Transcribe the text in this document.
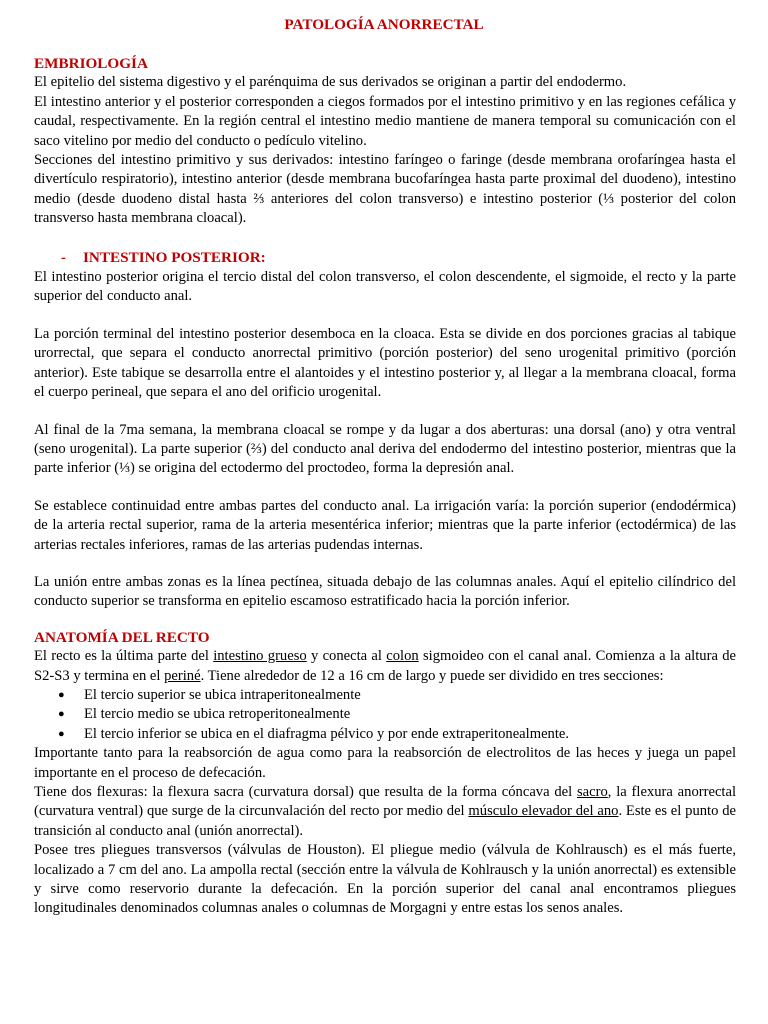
PATOLOGÍA ANORRECTAL
EMBRIOLOGÍA

El epitelio del sistema digestivo y el parénquima de sus derivados se originan a partir del endodermo.

El intestino anterior y el posterior corresponden a ciegos formados por el intestino primitivo y en las regiones cefálica y caudal, respectivamente. En la región central el intestino medio mantiene de manera temporal su comunicación con el saco vitelino por medio del conducto o pedículo vitelino.

Secciones del intestino primitivo y sus derivados: intestino faríngeo o faringe (desde membrana orofaríngea hasta el divertículo respiratorio), intestino anterior (desde membrana bucofaríngea hasta parte proximal del duodeno), intestino medio (desde duodeno distal hasta ⅔ anteriores del colon transverso) e intestino posterior (⅓ posterior del colon transverso hasta membrana cloacal).

-	INTESTINO POSTERIOR:

El intestino posterior origina el tercio distal del colon transverso, el colon descendente, el sigmoide, el recto y la parte superior del conducto anal.

La porción terminal del intestino posterior desemboca en la cloaca. Esta se divide en dos porciones gracias al tabique urorrectal, que separa el conducto anorrectal primitivo (porción posterior) del seno urogenital primitivo (porción anterior). Este tabique se desarrolla entre el alantoides y el intestino posterior y, al llegar a la membrana cloacal, forma el cuerpo perineal, que separa el ano del orificio urogenital.

Al final de la 7ma semana, la membrana cloacal se rompe y da lugar a dos aberturas: una dorsal (ano) y otra ventral (seno urogenital). La parte superior (⅔) del conducto anal deriva del endodermo del intestino posterior, mientras que la parte inferior (⅓) se origina del ectodermo del proctodeo, forma la depresión anal.

Se establece continuidad entre ambas partes del conducto anal. La irrigación varía: la porción superior (endodérmica) de la arteria rectal superior, rama de la arteria mesentérica inferior; mientras que la parte inferior (ectodérmica) de las arterias rectales inferiores, ramas de las arterias pudendas internas.

La unión entre ambas zonas es la línea pectínea, situada debajo de las columnas anales. Aquí el epitelio cilíndrico del conducto superior se transforma en epitelio escamoso estratificado hacia la porción inferior.

ANATOMÍA DEL RECTO

El recto es la última parte del intestino grueso y conecta al colon sigmoideo con el canal anal. Comienza a la altura de S2-S3 y termina en el periné. Tiene alrededor de 12 a 16 cm de largo y puede ser dividido en tres secciones:

● El tercio superior se ubica intraperitonealmente
● El tercio medio se ubica retroperitonealmente
● El tercio inferior se ubica en el diafragma pélvico y por ende extraperitonealmente.

Importante tanto para la reabsorción de agua como para la reabsorción de electrolitos de las heces y juega un papel importante en el proceso de defecación.

Tiene dos flexuras: la flexura sacra (curvatura dorsal) que resulta de la forma cóncava del sacro, la flexura anorrectal (curvatura ventral) que surge de la circunvalación del recto por medio del músculo elevador del ano. Este es el punto de transición al conducto anal (unión anorrectal).

Posee tres pliegues transversos (válvulas de Houston). El pliegue medio (válvula de Kohlrausch) es el más fuerte, localizado a 7 cm del ano. La ampolla rectal (sección entre la válvula de Kohlrausch y la unión anorrectal) es extensible y sirve como reservorio durante la defecación. En la porción superior del canal anal encontramos pliegues longitudinales denominados columnas anales o columnas de Morgagni y entre estas los senos anales.
